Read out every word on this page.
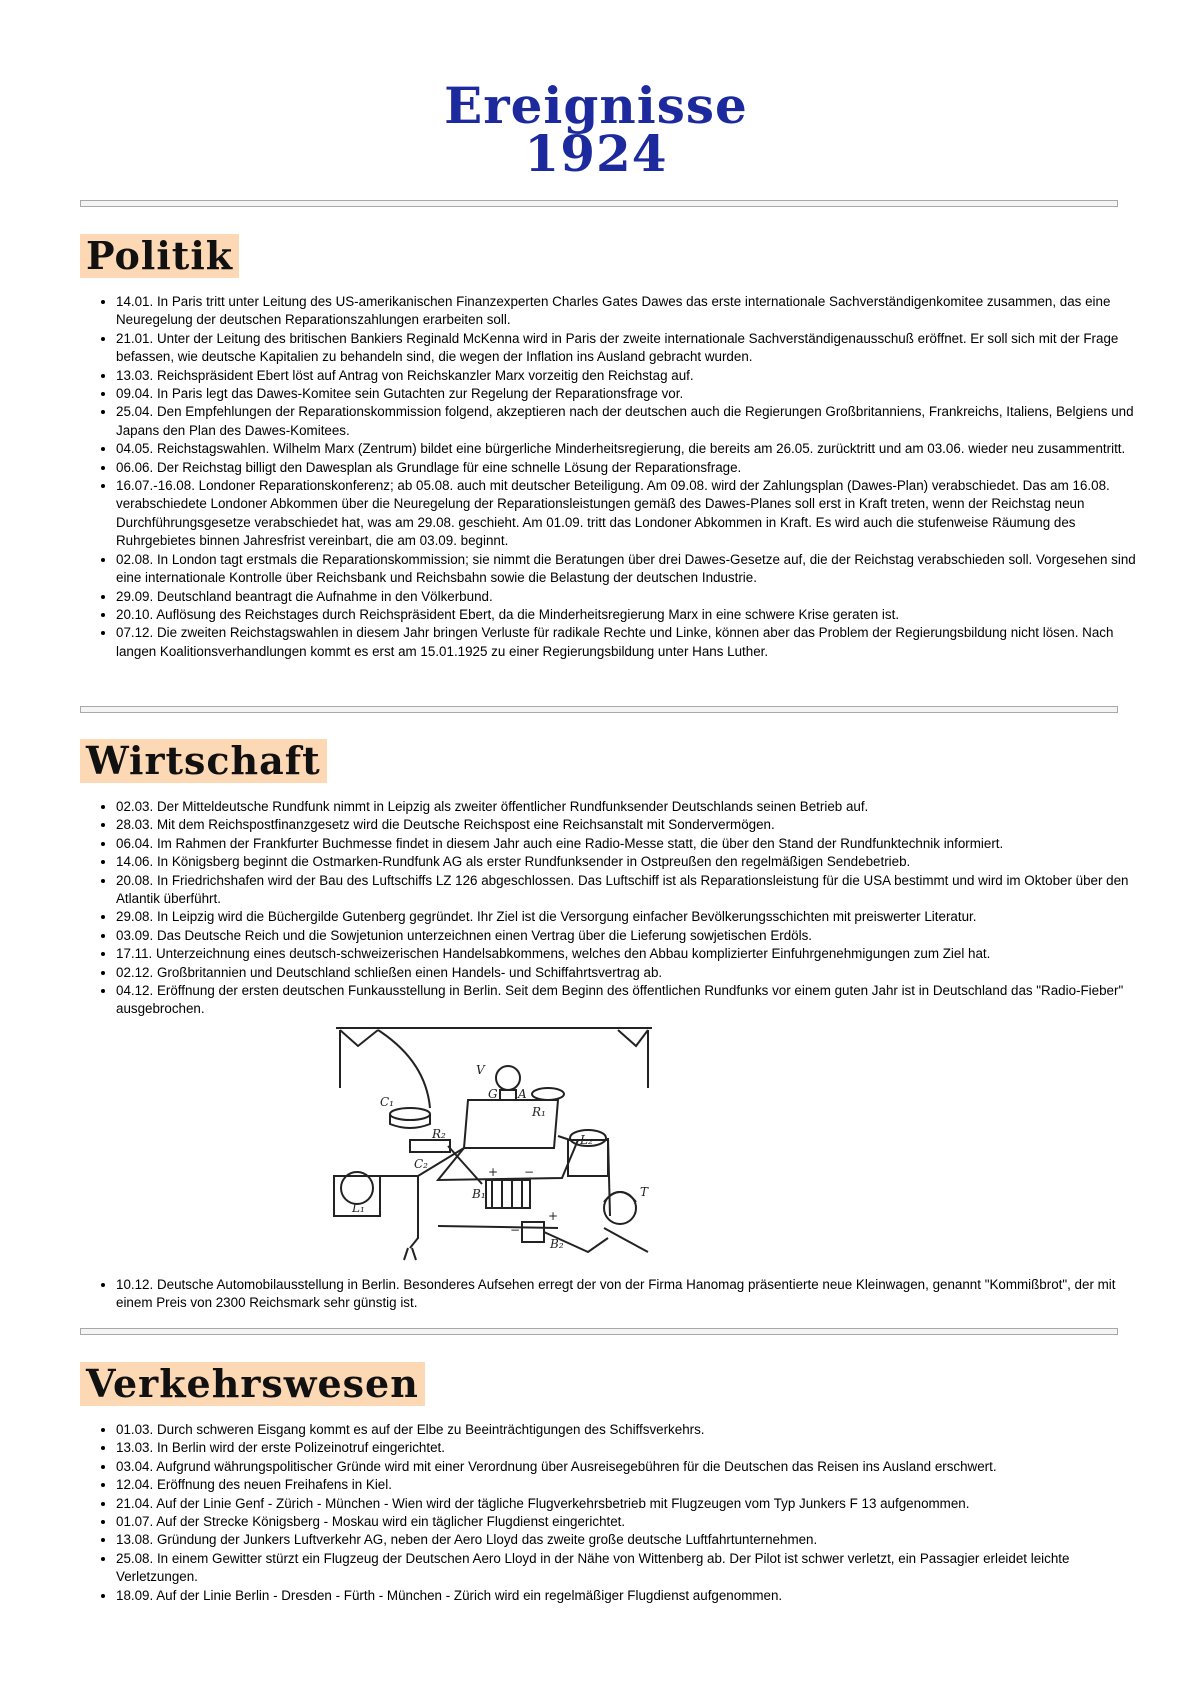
Ereignisse
1924
Politik
• 14.01. In Paris tritt unter Leitung des US-amerikanischen Finanzexperten Charles Gates Dawes das erste internationale Sachverständigenkomitee zusammen, das eine Neuregelung der deutschen Reparationszahlungen erarbeiten soll.
• 21.01. Unter der Leitung des britischen Bankiers Reginald McKenna wird in Paris der zweite internationale Sachverständigenausschuß eröffnet. Er soll sich mit der Frage befassen, wie deutsche Kapitalien zu behandeln sind, die wegen der Inflation ins Ausland gebracht wurden.
• 13.03. Reichspräsident Ebert löst auf Antrag von Reichskanzler Marx vorzeitig den Reichstag auf.
• 09.04. In Paris legt das Dawes-Komitee sein Gutachten zur Regelung der Reparationsfrage vor.
• 25.04. Den Empfehlungen der Reparationskommission folgend, akzeptieren nach der deutschen auch die Regierungen Großbritanniens, Frankreichs, Italiens, Belgiens und Japans den Plan des Dawes-Komitees.
• 04.05. Reichstagswahlen. Wilhelm Marx (Zentrum) bildet eine bürgerliche Minderheitsregierung, die bereits am 26.05. zurücktritt und am 03.06. wieder neu zusammentritt.
• 06.06. Der Reichstag billigt den Dawesplan als Grundlage für eine schnelle Lösung der Reparationsfrage.
• 16.07.-16.08. Londoner Reparationskonferenz; ab 05.08. auch mit deutscher Beteiligung. Am 09.08. wird der Zahlungsplan (Dawes-Plan) verabschiedet. Das am 16.08. verabschiedete Londoner Abkommen über die Neuregelung der Reparationsleistungen gemäß des Dawes-Planes soll erst in Kraft treten, wenn der Reichstag neun Durchführungsgesetze verabschiedet hat, was am 29.08. geschieht. Am 01.09. tritt das Londoner Abkommen in Kraft. Es wird auch die stufenweise Räumung des Ruhrgebietes binnen Jahresfrist vereinbart, die am 03.09. beginnt.
• 02.08. In London tagt erstmals die Reparationskommission; sie nimmt die Beratungen über drei Dawes-Gesetze auf, die der Reichstag verabschieden soll. Vorgesehen sind eine internationale Kontrolle über Reichsbank und Reichsbahn sowie die Belastung der deutschen Industrie.
• 29.09. Deutschland beantragt die Aufnahme in den Völkerbund.
• 20.10. Auflösung des Reichstages durch Reichspräsident Ebert, da die Minderheitsregierung Marx in eine schwere Krise geraten ist.
• 07.12. Die zweiten Reichstagswahlen in diesem Jahr bringen Verluste für radikale Rechte und Linke, können aber das Problem der Regierungsbildung nicht lösen. Nach langen Koalitionsverhandlungen kommt es erst am 15.01.1925 zu einer Regierungsbildung unter Hans Luther.
Wirtschaft
• 02.03. Der Mitteldeutsche Rundfunk nimmt in Leipzig als zweiter öffentlicher Rundfunksender Deutschlands seinen Betrieb auf.
• 28.03. Mit dem Reichspostfinanzgesetz wird die Deutsche Reichspost eine Reichsanstalt mit Sondervermögen.
• 06.04. Im Rahmen der Frankfurter Buchmesse findet in diesem Jahr auch eine Radio-Messe statt, die über den Stand der Rundfunktechnik informiert.
• 14.06. In Königsberg beginnt die Ostmarken-Rundfunk AG als erster Rundfunksender in Ostpreußen den regelmäßigen Sendebetrieb.
• 20.08. In Friedrichshafen wird der Bau des Luftschiffs LZ 126 abgeschlossen. Das Luftschiff ist als Reparationsleistung für die USA bestimmt und wird im Oktober über den Atlantik überführt.
• 29.08. In Leipzig wird die Büchergilde Gutenberg gegründet. Ihr Ziel ist die Versorgung einfacher Bevölkerungsschichten mit preiswerter Literatur.
• 03.09. Das Deutsche Reich und die Sowjetunion unterzeichnen einen Vertrag über die Lieferung sowjetischen Erdöls.
• 17.11. Unterzeichnung eines deutsch-schweizerischen Handelsabkommens, welches den Abbau komplizierter Einfuhrgenehmigungen zum Ziel hat.
• 02.12. Großbritannien und Deutschland schließen einen Handels- und Schiffahrtsvertrag ab.
• 04.12. Eröffnung der ersten deutschen Funkausstellung in Berlin. Seit dem Beginn des öffentlichen Rundfunks vor einem guten Jahr ist in Deutschland das "Radio-Fieber" ausgebrochen.
V
G A
C₁
R₂
R₁
C₂
L₁
L₂
B₁
B₂
T
+ −
+
−
• 10.12. Deutsche Automobilausstellung in Berlin. Besonderes Aufsehen erregt der von der Firma Hanomag präsentierte neue Kleinwagen, genannt "Kommißbrot", der mit einem Preis von 2300 Reichsmark sehr günstig ist.
Verkehrswesen
• 01.03. Durch schweren Eisgang kommt es auf der Elbe zu Beeinträchtigungen des Schiffsverkehrs.
• 13.03. In Berlin wird der erste Polizeinotruf eingerichtet.
• 03.04. Aufgrund währungspolitischer Gründe wird mit einer Verordnung über Ausreisegebühren für die Deutschen das Reisen ins Ausland erschwert.
• 12.04. Eröffnung des neuen Freihafens in Kiel.
• 21.04. Auf der Linie Genf - Zürich - München - Wien wird der tägliche Flugverkehrsbetrieb mit Flugzeugen vom Typ Junkers F 13 aufgenommen.
• 01.07. Auf der Strecke Königsberg - Moskau wird ein täglicher Flugdienst eingerichtet.
• 13.08. Gründung der Junkers Luftverkehr AG, neben der Aero Lloyd das zweite große deutsche Luftfahrtunternehmen.
• 25.08. In einem Gewitter stürzt ein Flugzeug der Deutschen Aero Lloyd in der Nähe von Wittenberg ab. Der Pilot ist schwer verletzt, ein Passagier erleidet leichte Verletzungen.
• 18.09. Auf der Linie Berlin - Dresden - Fürth - München - Zürich wird ein regelmäßiger Flugdienst aufgenommen.
